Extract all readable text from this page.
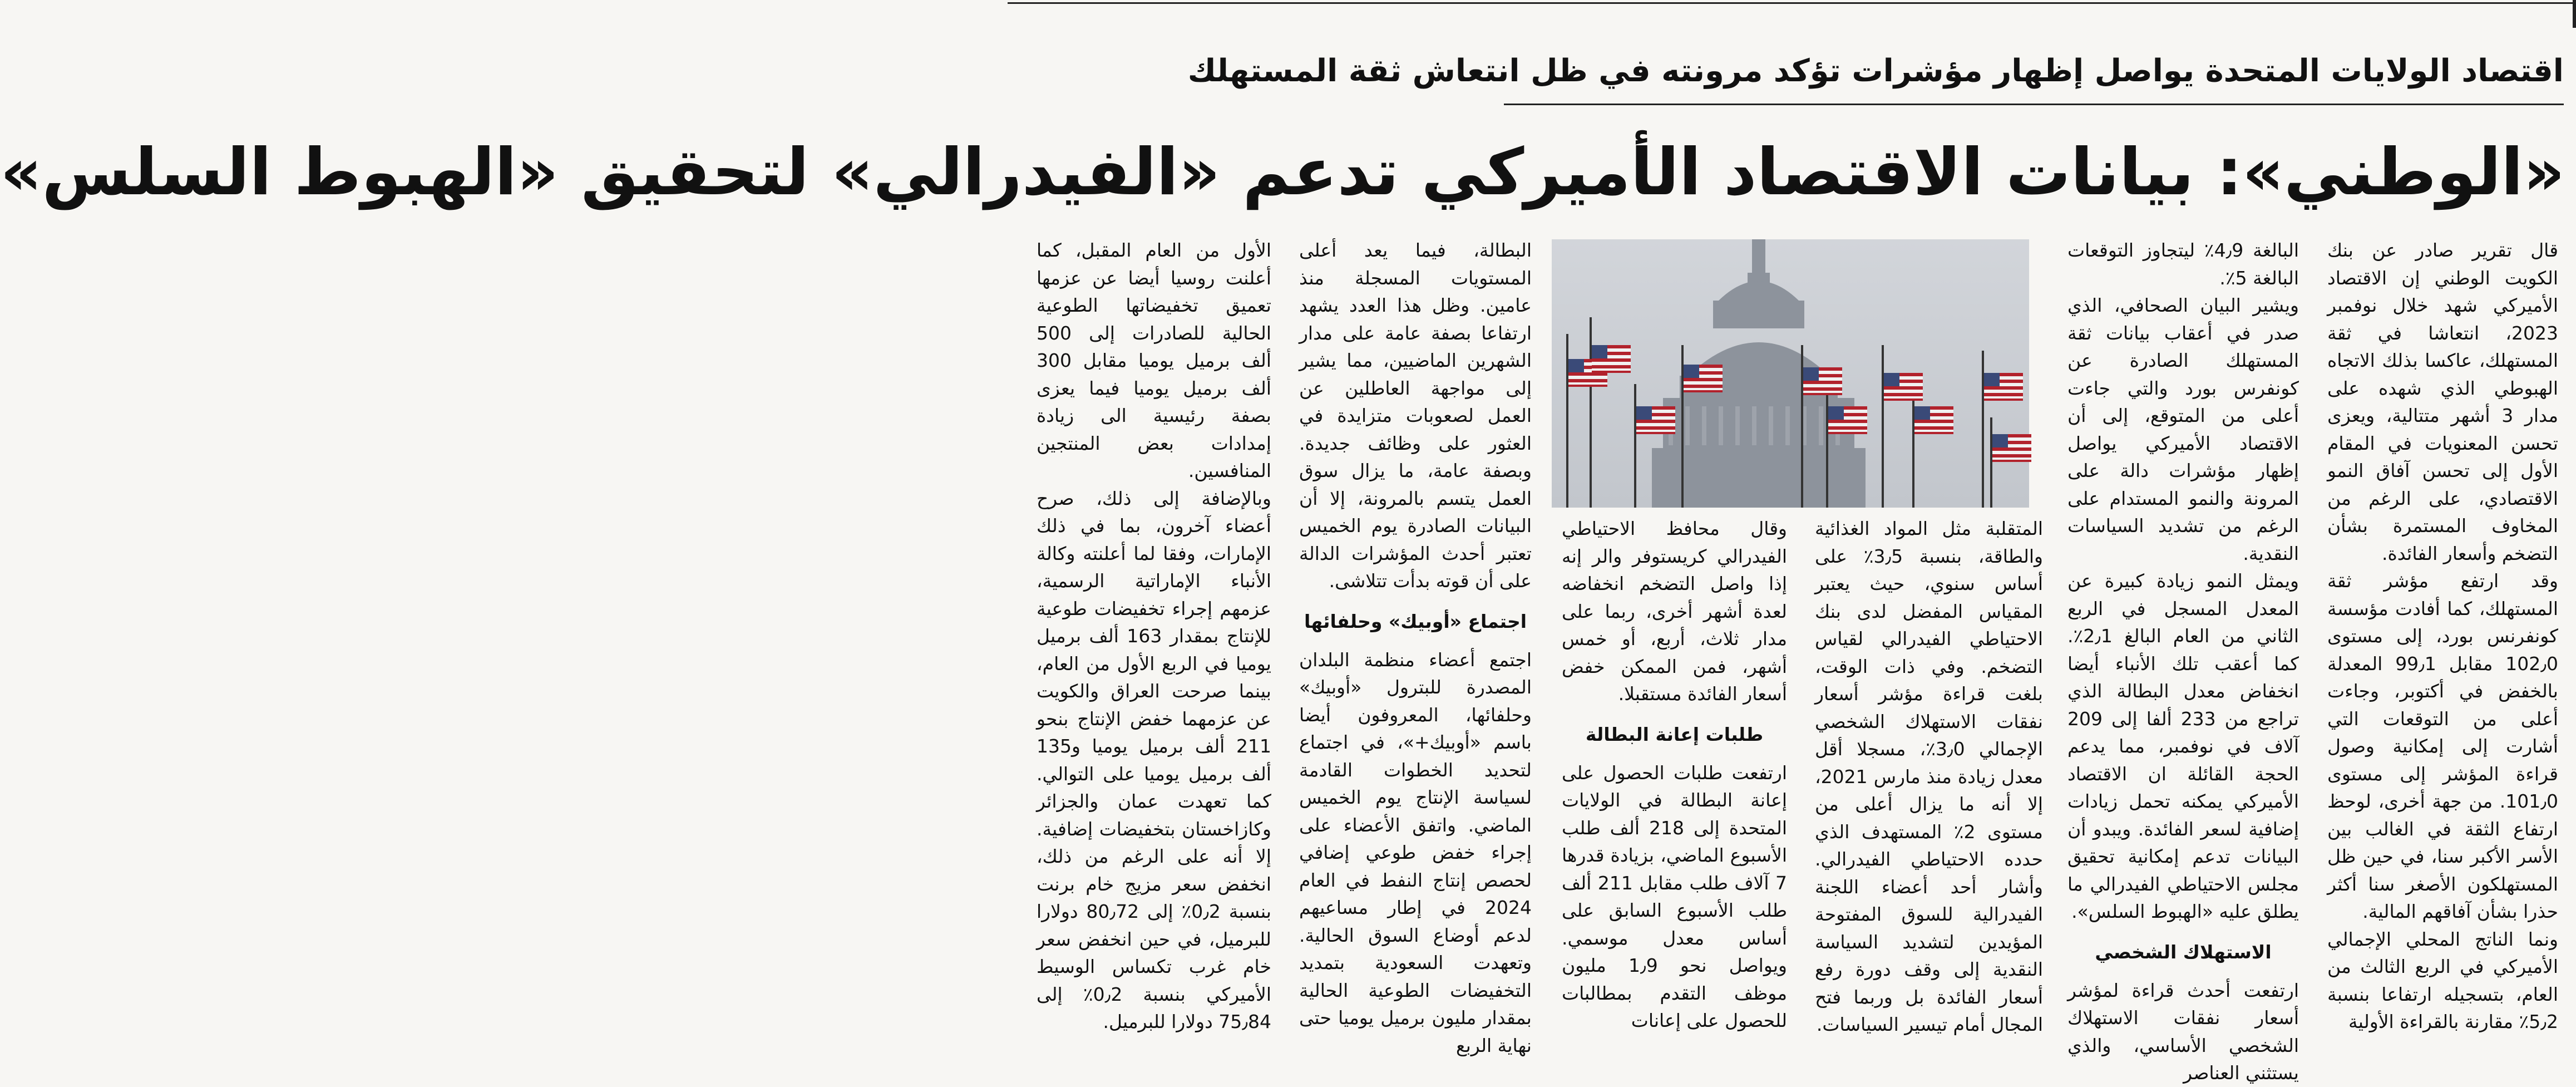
اقتصاد الولايات المتحدة يواصل إظهار مؤشرات تؤكد مرونته في ظل انتعاش ثقة المستهلك
«الوطني»: بيانات الاقتصاد الأميركي تدعم «الفيدرالي» لتحقيق «الهبوط السلس»

قال تقرير صادر عن بنك الكويت الوطني إن الاقتصاد الأميركي شهد خلال نوفمبر 2023، انتعاشا في ثقة المستهلك، عاكسا بذلك الاتجاه الهبوطي الذي شهده على مدار 3 أشهر متتالية، ويعزى تحسن المعنويات في المقام الأول إلى تحسن آفاق النمو الاقتصادي، على الرغم من المخاوف المستمرة بشأن التضخم وأسعار الفائدة.

وقد ارتفع مؤشر ثقة المستهلك، كما أفادت مؤسسة كونفرنس بورد، إلى مستوى 102٫0 مقابل 99٫1 المعدلة بالخفض في أكتوبر، وجاءت أعلى من التوقعات التي أشارت إلى إمكانية وصول قراءة المؤشر إلى مستوى 101٫0. من جهة أخرى، لوحظ ارتفاع الثقة في الغالب بين الأسر الأكبر سنا، في حين ظل المستهلكون الأصغر سنا أكثر حذرا بشأن آفاقهم المالية.

ونما الناتج المحلي الإجمالي الأميركي في الربع الثالث من العام، بتسجيله ارتفاعا بنسبة 5٫2٪ مقارنة بالقراءة الأولية

البالغة 4٫9٪ ليتجاوز التوقعات البالغة 5٪.

ويشير البيان الصحافي، الذي صدر في أعقاب بيانات ثقة المستهلك الصادرة عن كونفرس بورد والتي جاءت أعلى من المتوقع، إلى أن الاقتصاد الأميركي يواصل إظهار مؤشرات دالة على المرونة والنمو المستدام على الرغم من تشديد السياسات النقدية.

ويمثل النمو زيادة كبيرة عن المعدل المسجل في الربع الثاني من العام البالغ 2٫1٪. كما أعقب تلك الأنباء أيضا انخفاض معدل البطالة الذي تراجع من 233 ألفا إلى 209 آلاف في نوفمبر، مما يدعم الحجة القائلة ان الاقتصاد الأميركي يمكنه تحمل زيادات إضافية لسعر الفائدة. ويبدو أن البيانات تدعم إمكانية تحقيق مجلس الاحتياطي الفيدرالي ما يطلق عليه «الهبوط السلس».

الاستهلاك الشخصي

ارتفعت أحدث قراءة لمؤشر أسعار نفقات الاستهلاك الشخصي الأساسي، والذي يستثني العناصر

المتقلبة مثل المواد الغذائية والطاقة، بنسبة 3٫5٪ على أساس سنوي، حيث يعتبر المقياس المفضل لدى بنك الاحتياطي الفيدرالي لقياس التضخم. وفي ذات الوقت، بلغت قراءة مؤشر أسعار نفقات الاستهلاك الشخصي الإجمالي 3٫0٪، مسجلا أقل معدل زيادة منذ مارس 2021، إلا أنه ما يزال أعلى من مستوى 2٪ المستهدف الذي حدده الاحتياطي الفيدرالي. وأشار أحد أعضاء اللجنة الفيدرالية للسوق المفتوحة المؤيدين لتشديد السياسة النقدية إلى وقف دورة رفع أسعار الفائدة بل وربما فتح المجال أمام تيسير السياسات.

وقال محافظ الاحتياطي الفيدرالي كريستوفر والر إنه إذا واصل التضخم انخفاضه لعدة أشهر أخرى، ربما على مدار ثلاث، أربع، أو خمس أشهر، فمن الممكن خفض أسعار الفائدة مستقبلا.

طلبات إعانة البطالة

ارتفعت طلبات الحصول على إعانة البطالة في الولايات المتحدة إلى 218 ألف طلب الأسبوع الماضي، بزيادة قدرها 7 آلاف طلب مقابل 211 ألف طلب الأسبوع السابق على أساس معدل موسمي. ويواصل نحو 1٫9 مليون موظف التقدم بمطالبات للحصول على إعانات

البطالة، فيما يعد أعلى المستويات المسجلة منذ عامين. وظل هذا العدد يشهد ارتفاعا بصفة عامة على مدار الشهرين الماضيين، مما يشير إلى مواجهة العاطلين عن العمل لصعوبات متزايدة في العثور على وظائف جديدة. وبصفة عامة، ما يزال سوق العمل يتسم بالمرونة، إلا أن البيانات الصادرة يوم الخميس تعتبر أحدث المؤشرات الدالة على أن قوته بدأت تتلاشى.

اجتماع «أوبيك» وحلفائها

اجتمع أعضاء منظمة البلدان المصدرة للبترول «أوبيك» وحلفائها، المعروفون أيضا باسم «أوبيك+»، في اجتماع لتحديد الخطوات القادمة لسياسة الإنتاج يوم الخميس الماضي. واتفق الأعضاء على إجراء خفض طوعي إضافي لحصص إنتاج النفط في العام 2024 في إطار مساعيهم لدعم أوضاع السوق الحالية. وتعهدت السعودية بتمديد التخفيضات الطوعية الحالية بمقدار مليون برميل يوميا حتى نهاية الربع

الأول من العام المقبل، كما أعلنت روسيا أيضا عن عزمها تعميق تخفيضاتها الطوعية الحالية للصادرات إلى 500 ألف برميل يوميا مقابل 300 ألف برميل يوميا فيما يعزى بصفة رئيسية الى زيادة إمدادات بعض المنتجين المنافسين.

وبالإضافة إلى ذلك، صرح أعضاء آخرون، بما في ذلك الإمارات، وفقا لما أعلنته وكالة الأنباء الإماراتية الرسمية، عزمهم إجراء تخفيضات طوعية للإنتاج بمقدار 163 ألف برميل يوميا في الربع الأول من العام، بينما صرحت العراق والكويت عن عزمهما خفض الإنتاج بنحو 211 ألف برميل يوميا و135 ألف برميل يوميا على التوالي. كما تعهدت عمان والجزائر وكازاخستان بتخفيضات إضافية. إلا أنه على الرغم من ذلك، انخفض سعر مزيج خام برنت بنسبة 0٫2٪ إلى 80٫72 دولارا للبرميل، في حين انخفض سعر خام غرب تكساس الوسيط الأميركي بنسبة 0٫2٪ إلى 75٫84 دولارا للبرميل.
